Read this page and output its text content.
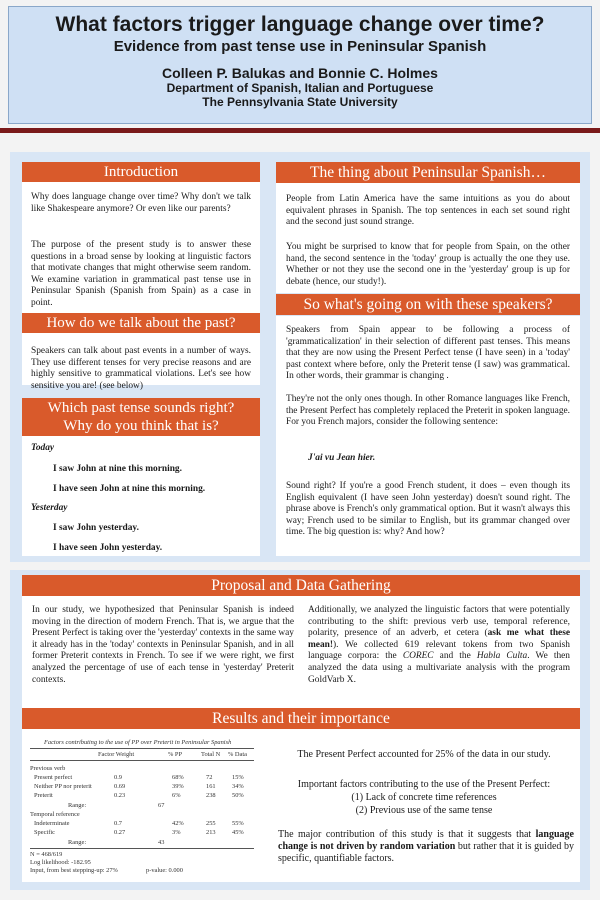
What factors trigger language change over time?
Evidence from past tense use in Peninsular Spanish
Colleen P. Balukas and Bonnie C. Holmes
Department of Spanish, Italian and Portuguese
The Pennsylvania State University
Introduction
Why does language change over time? Why don't we talk like Shakespeare anymore? Or even like our parents?
The purpose of the present study is to answer these questions in a broad sense by looking at linguistic factors that motivate changes that might otherwise seem random. We examine variation in grammatical past tense use in Peninsular Spanish (Spanish from Spain) as a case in point.
How do we talk about the past?
Speakers can talk about past events in a number of ways. They use different tenses for very precise reasons and are highly sensitive to grammatical violations. Let's see how sensitive you are! (see below)
Which past tense sounds right?
Why do you think that is?
Today
I saw John at nine this morning.
I have seen John at nine this morning.
Yesterday
I saw John yesterday.
I have seen John yesterday.
The thing about Peninsular Spanish…
People from Latin America have the same intuitions as you do about equivalent phrases in Spanish. The top sentences in each set sound right and the second just sound strange.
You might be surprised to know that for people from Spain, on the other hand, the second sentence in the 'today' group is actually the one they use. Whether or not they use the second one in the 'yesterday' group is up for debate (hence, our study!).
So what's going on with these speakers?
Speakers from Spain appear to be following a process of 'grammaticalization' in their selection of different past tenses. This means that they are now using the Present Perfect tense (I have seen) in a 'today' past context where before, only the Preterit tense (I saw) was grammatical. In other words, their grammar is changing .
They're not the only ones though. In other Romance languages like French, the Present Perfect has completely replaced the Preterit in spoken language. For you French majors, consider the following sentence:
J'ai vu Jean hier.
Sound right? If you're a good French student, it does – even though its English equivalent (I have seen John yesterday) doesn't sound right. The phrase above is French's only grammatical option. But it wasn't always this way; French used to be similar to English, but its grammar changed over time. The big question is: why? And how?
Proposal and Data Gathering
In our study, we hypothesized that Peninsular Spanish is indeed moving in the direction of modern French. That is, we argue that the Present Perfect is taking over the 'yesterday' contexts in the same way it already has in the 'today' contexts in Peninsular Spanish, and in all former Preterit contexts in French. To see if we were right, we first analyzed the percentage of use of each tense in 'yesterday' Preterit contexts.
Additionally, we analyzed the linguistic factors that were potentially contributing to the shift: previous verb use, temporal reference, polarity, presence of an adverb, et cetera (ask me what these mean!). We collected 619 relevant tokens from two Spanish language corpora: the COREC and the Habla Culta. We then analyzed the data using a multivariate analysis with the program GoldVarb X.
Results and their importance
Factors contributing to the use of PP over Preterit in Peninsular Spanish
Factor Weight	% PP	Total N % Data
Previous verb
Present perfect	0.9	68%	72	15%
Neither PP nor preterit	0.69	39%	161	34%
Preterit	0.23	6%	238	50%
Range:	67
Temporal reference
Indeterminate	0.7	42%	255	55%
Specific	0.27	3%	213	45%
Range:	43
N = 468/619
Log likelihood: -182.95
Input, from best stepping-up: 27%	p-value: 0.000
The Present Perfect accounted for 25% of the data in our study.
Important factors contributing to the use of the Present Perfect:
(1) Lack of concrete time references
(2) Previous use of the same tense
The major contribution of this study is that it suggests that language change is not driven by random variation but rather that it is guided by specific, quantifiable factors.
